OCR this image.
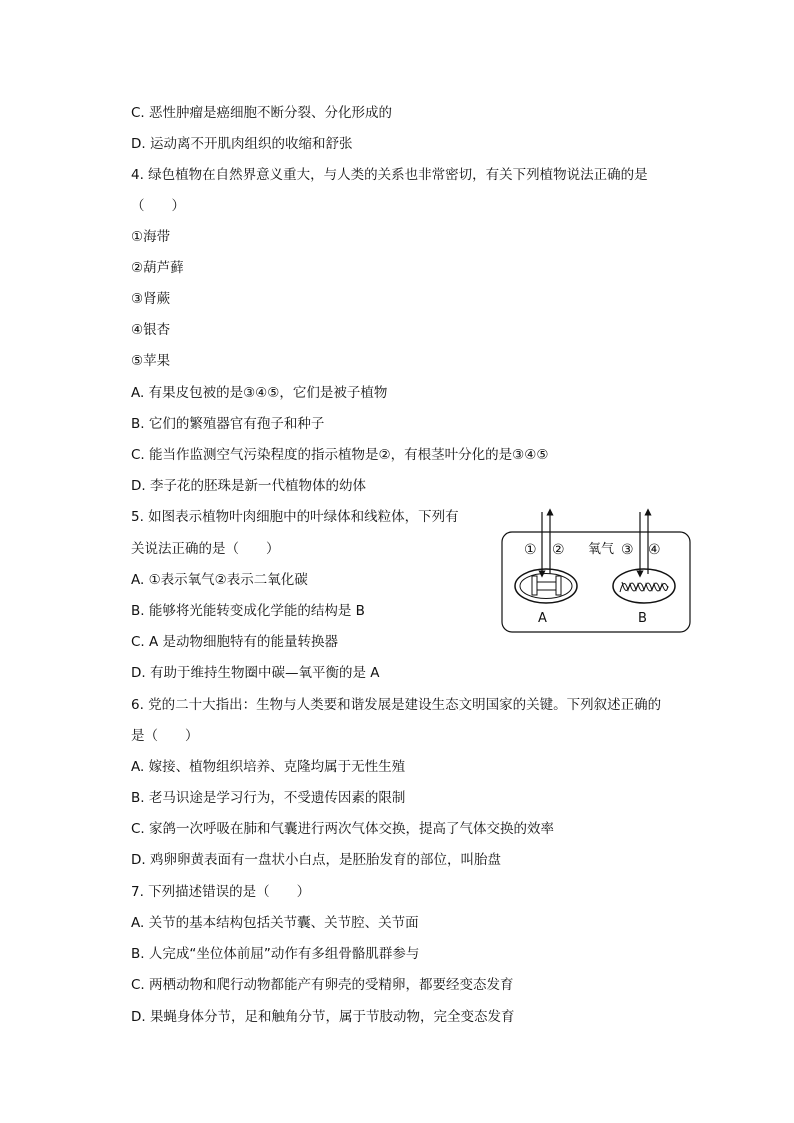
C. 恶性肿瘤是癌细胞不断分裂、分化形成的
D. 运动离不开肌肉组织的收缩和舒张
4. 绿色植物在自然界意义重大，与人类的关系也非常密切，有关下列植物说法正确的是
（　　）
①海带
②葫芦藓
③肾蕨
④银杏
⑤苹果
A. 有果皮包被的是③④⑤，它们是被子植物
B. 它们的繁殖器官有孢子和种子
C. 能当作监测空气污染程度的指示植物是②，有根茎叶分化的是③④⑤
D. 李子花的胚珠是新一代植物体的幼体
5. 如图表示植物叶肉细胞中的叶绿体和线粒体，下列有
关说法正确的是（　　）
A. ①表示氧气②表示二氧化碳
B. 能够将光能转变成化学能的结构是 B
C. A 是动物细胞特有的能量转换器
D. 有助于维持生物圈中碳—氧平衡的是 A
6. 党的二十大指出：生物与人类要和谐发展是建设生态文明国家的关键。下列叙述正确的
是（　　）
A. 嫁接、植物组织培养、克隆均属于无性生殖
B. 老马识途是学习行为，不受遗传因素的限制
C. 家鸽一次呼吸在肺和气囊进行两次气体交换，提高了气体交换的效率
D. 鸡卵卵黄表面有一盘状小白点，是胚胎发育的部位，叫胎盘
7. 下列描述错误的是（　　）
A. 关节的基本结构包括关节囊、关节腔、关节面
B. 人完成“坐位体前屈”动作有多组骨骼肌群参与
C. 两栖动物和爬行动物都能产有卵壳的受精卵，都要经变态发育
D. 果蝇身体分节，足和触角分节，属于节肢动物，完全变态发育
① ② 氧气 ③ ④
A	B
